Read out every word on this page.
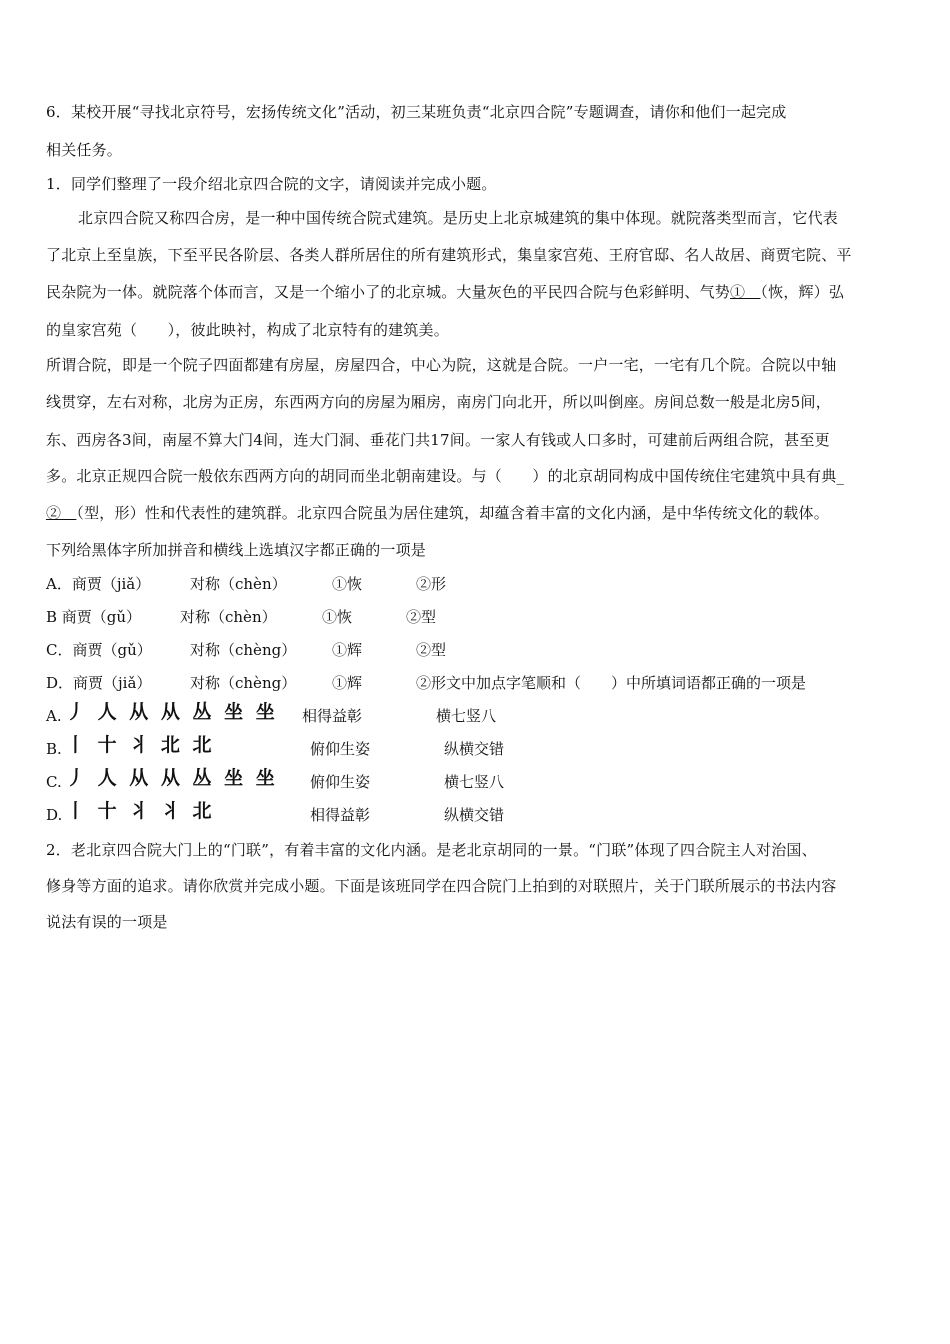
6．某校开展“寻找北京符号，宏扬传统文化”活动，初三某班负责“北京四合院”专题调查，请你和他们一起完成
相关任务。
1．同学们整理了一段介绍北京四合院的文字，请阅读并完成小题。
北京四合院又称四合房，是一种中国传统合院式建筑。是历史上北京城建筑的集中体现。就院落类型而言，它代表
了北京上至皇族，下至平民各阶层、各类人群所居住的所有建筑形式，集皇家宫苑、王府官邸、名人故居、商贾宅院、平
民杂院为一体。就院落个体而言，又是一个缩小了的北京城。大量灰色的平民四合院与色彩鲜明、气势①　（恢，辉）弘
的皇家宫苑（　　），彼此映衬，构成了北京特有的建筑美。
所谓合院，即是一个院子四面都建有房屋，房屋四合，中心为院，这就是合院。一户一宅，一宅有几个院。合院以中轴
线贯穿，左右对称，北房为正房，东西两方向的房屋为厢房，南房门向北开，所以叫倒座。房间总数一般是北房5间，
东、西房各3间，南屋不算大门4间，连大门洞、垂花门共17间。一家人有钱或人口多时，可建前后两组合院，甚至更
多。北京正规四合院一般依东西两方向的胡同而坐北朝南建设。与（　　）的北京胡同构成中国传统住宅建筑中具有典_
②　（型，形）性和代表性的建筑群。北京四合院虽为居住建筑，却蕴含着丰富的文化内涵，是中华传统文化的载体。
下列给黑体字所加拼音和横线上选填汉字都正确的一项是
A．商贾（jiǎ）	对称（chèn）	①恢	②形
B 商贾（gǔ）	对称（chèn）	①恢	②型
C．商贾（gǔ）	对称（chèng） ①辉	②型
D．商贾（jiǎ）	对称（chèng） ①辉	②形文中加点字笔顺和（　　）中所填词语都正确的一项是
A. 丿 人 从 从 丛 坐 坐 相得益彰	横七竖八
B. 丨 十 丬 北 北	俯仰生姿	纵横交错
C. 丿 人 从 从 丛 坐 坐 俯仰生姿	横七竖八
D. 丨 十 丬 丬 北	相得益彰	纵横交错
2．老北京四合院大门上的“门联”，有着丰富的文化内涵。是老北京胡同的一景。“门联”体现了四合院主人对治国、
修身等方面的追求。请你欣赏并完成小题。下面是该班同学在四合院门上拍到的对联照片，关于门联所展示的书法内容
说法有误的一项是
